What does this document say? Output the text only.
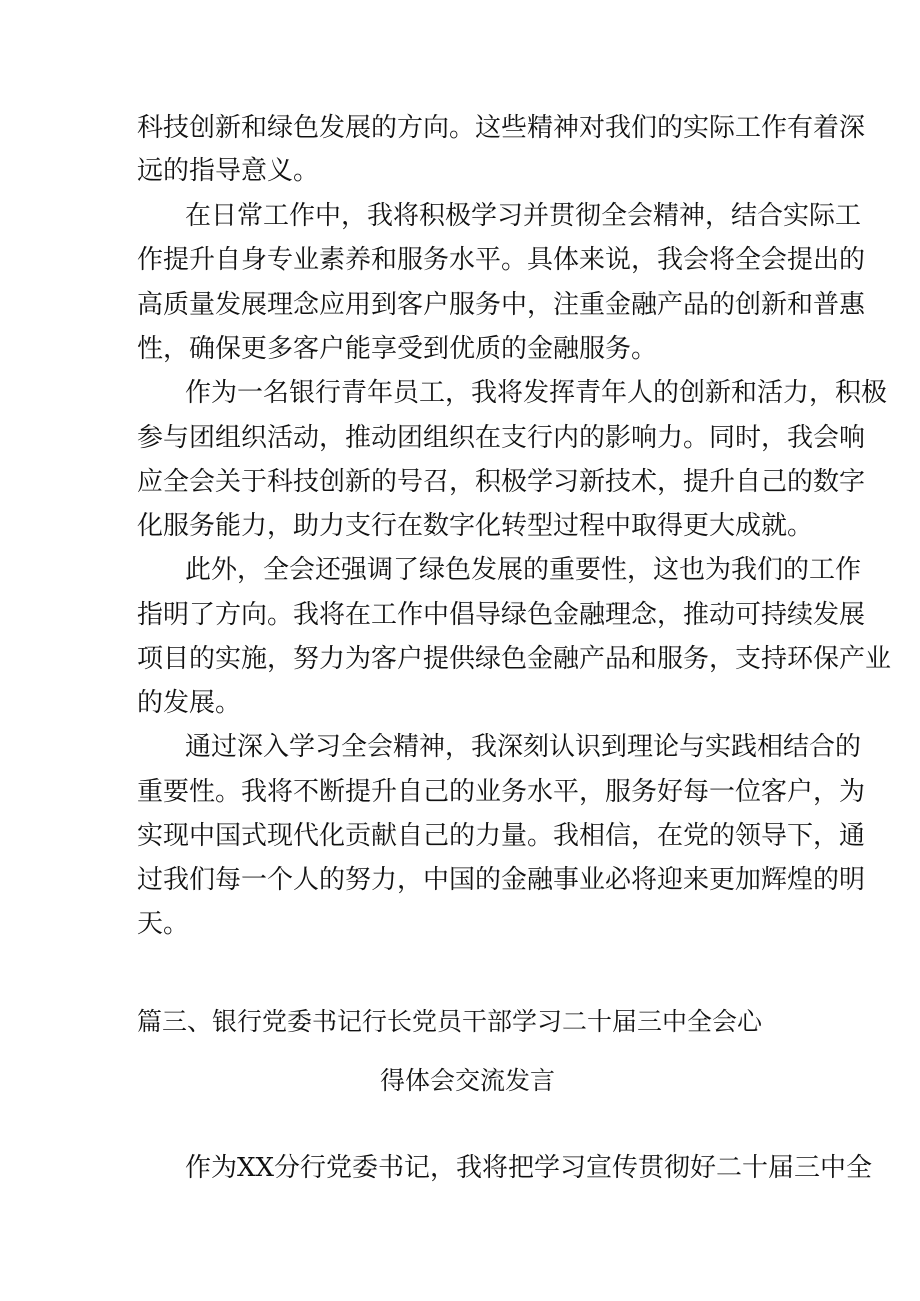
科技创新和绿色发展的方向。这些精神对我们的实际工作有着深
远的指导意义。
在日常工作中，我将积极学习并贯彻全会精神，结合实际工
作提升自身专业素养和服务水平。具体来说，我会将全会提出的
高质量发展理念应用到客户服务中，注重金融产品的创新和普惠
性，确保更多客户能享受到优质的金融服务。
作为一名银行青年员工，我将发挥青年人的创新和活力，积极
参与团组织活动，推动团组织在支行内的影响力。同时，我会响
应全会关于科技创新的号召，积极学习新技术，提升自己的数字
化服务能力，助力支行在数字化转型过程中取得更大成就。
此外，全会还强调了绿色发展的重要性，这也为我们的工作
指明了方向。我将在工作中倡导绿色金融理念，推动可持续发展
项目的实施，努力为客户提供绿色金融产品和服务，支持环保产业
的发展。
通过深入学习全会精神，我深刻认识到理论与实践相结合的
重要性。我将不断提升自己的业务水平，服务好每一位客户，为
实现中国式现代化贡献自己的力量。我相信，在党的领导下，通
过我们每一个人的努力，中国的金融事业必将迎来更加辉煌的明
天。
篇三、银行党委书记行长党员干部学习二十届三中全会心
得体会交流发言
作为XX分行党委书记，我将把学习宣传贯彻好二十届三中全
